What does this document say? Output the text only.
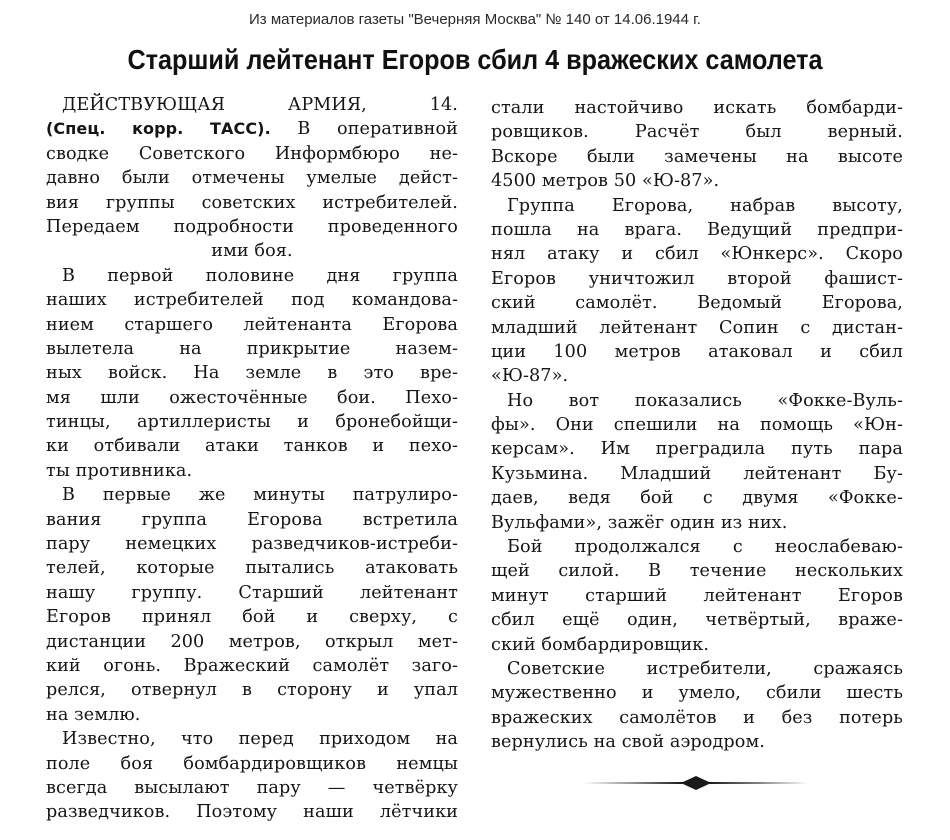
Из материалов газеты "Вечерняя Москва" № 140 от 14.06.1944 г.
Старший лейтенант Егоров сбил 4 вражеских самолета
ДЕЙСТВУЮЩАЯ АРМИЯ, 14.
(Спец. корр. ТАСС). В оперативной
сводке Советского Информбюро не-
давно были отмечены умелые дейст-
вия группы советских истребителей.
Передаем подробности проведенного
ими боя.
В первой половине дня группа
наших истребителей под командова-
нием старшего лейтенанта Егорова
вылетела на прикрытие назем-
ных войск. На земле в это вре-
мя шли ожесточённые бои. Пехо-
тинцы, артиллеристы и бронебойщи-
ки отбивали атаки танков и пехо-
ты противника.
В первые же минуты патрулиро-
вания группа Егорова встретила
пару немецких разведчиков-истреби-
телей, которые пытались атаковать
нашу группу. Старший лейтенант
Егоров принял бой и сверху, с
дистанции 200 метров, открыл мет-
кий огонь. Вражеский самолёт заго-
релся, отвернул в сторону и упал
на землю.
Известно, что перед приходом на
поле боя бомбардировщиков немцы
всегда высылают пару — четвёрку
разведчиков. Поэтому наши лётчики
стали настойчиво искать бомбарди-
ровщиков. Расчёт был верный.
Вскоре были замечены на высоте
4500 метров 50 «Ю-87».
Группа Егорова, набрав высоту,
пошла на врага. Ведущий предпри-
нял атаку и сбил «Юнкерс». Скоро
Егоров уничтожил второй фашист-
ский самолёт. Ведомый Егорова,
младший лейтенант Сопин с дистан-
ции 100 метров атаковал и сбил
«Ю-87».
Но вот показались «Фокке-Вуль-
фы». Они спешили на помощь «Юн-
керсам». Им преградила путь пара
Кузьмина. Младший лейтенант Бу-
даев, ведя бой с двумя «Фокке-
Вульфами», зажёг один из них.
Бой продолжался с неослабеваю-
щей силой. В течение нескольких
минут старший лейтенант Егоров
сбил ещё один, четвёртый, враже-
ский бомбардировщик.
Советские истребители, сражаясь
мужественно и умело, сбили шесть
вражеских самолётов и без потерь
вернулись на свой аэродром.
